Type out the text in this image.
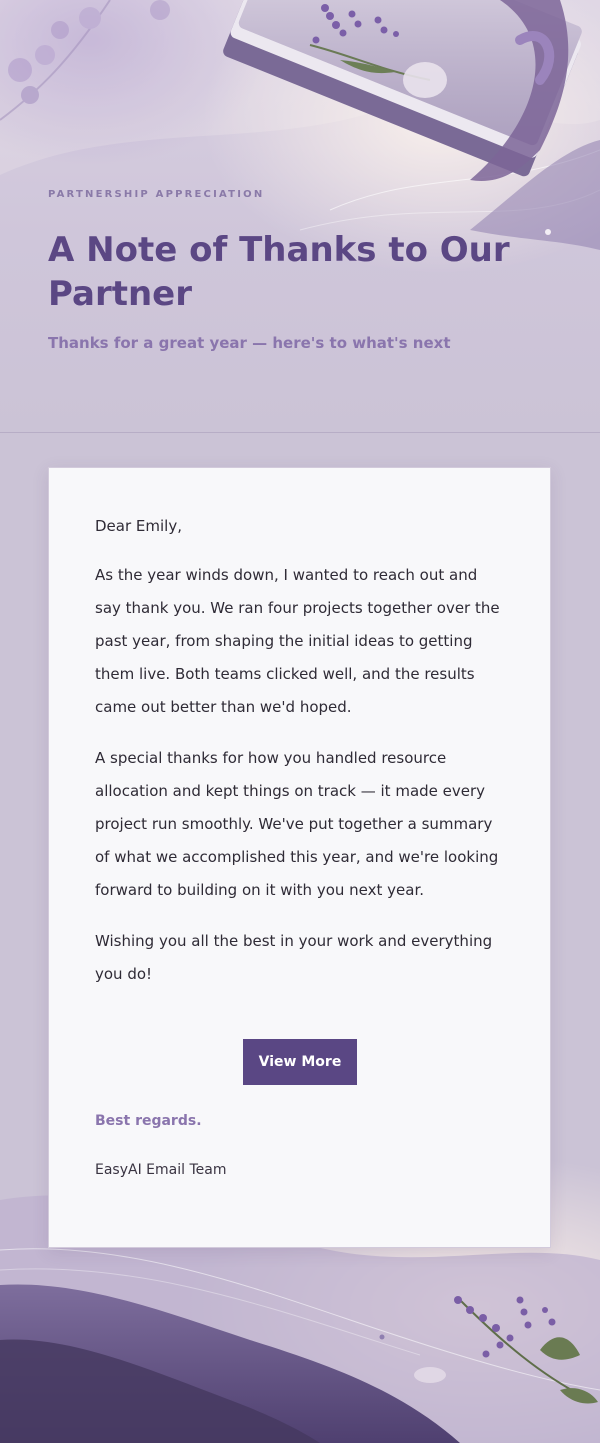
PARTNERSHIP APPRECIATION
A Note of Thanks to Our Partner
Thanks for a great year — here's to what's next

Dear Emily,

As the year winds down, I wanted to reach out and say thank you. We ran four projects together over the past year, from shaping the initial ideas to getting them live. Both teams clicked well, and the results came out better than we'd hoped.

A special thanks for how you handled resource allocation and kept things on track — it made every project run smoothly. We've put together a summary of what we accomplished this year, and we're looking forward to building on it with you next year.

Wishing you all the best in your work and everything you do!

View More
Best regards.
EasyAI Email Team
